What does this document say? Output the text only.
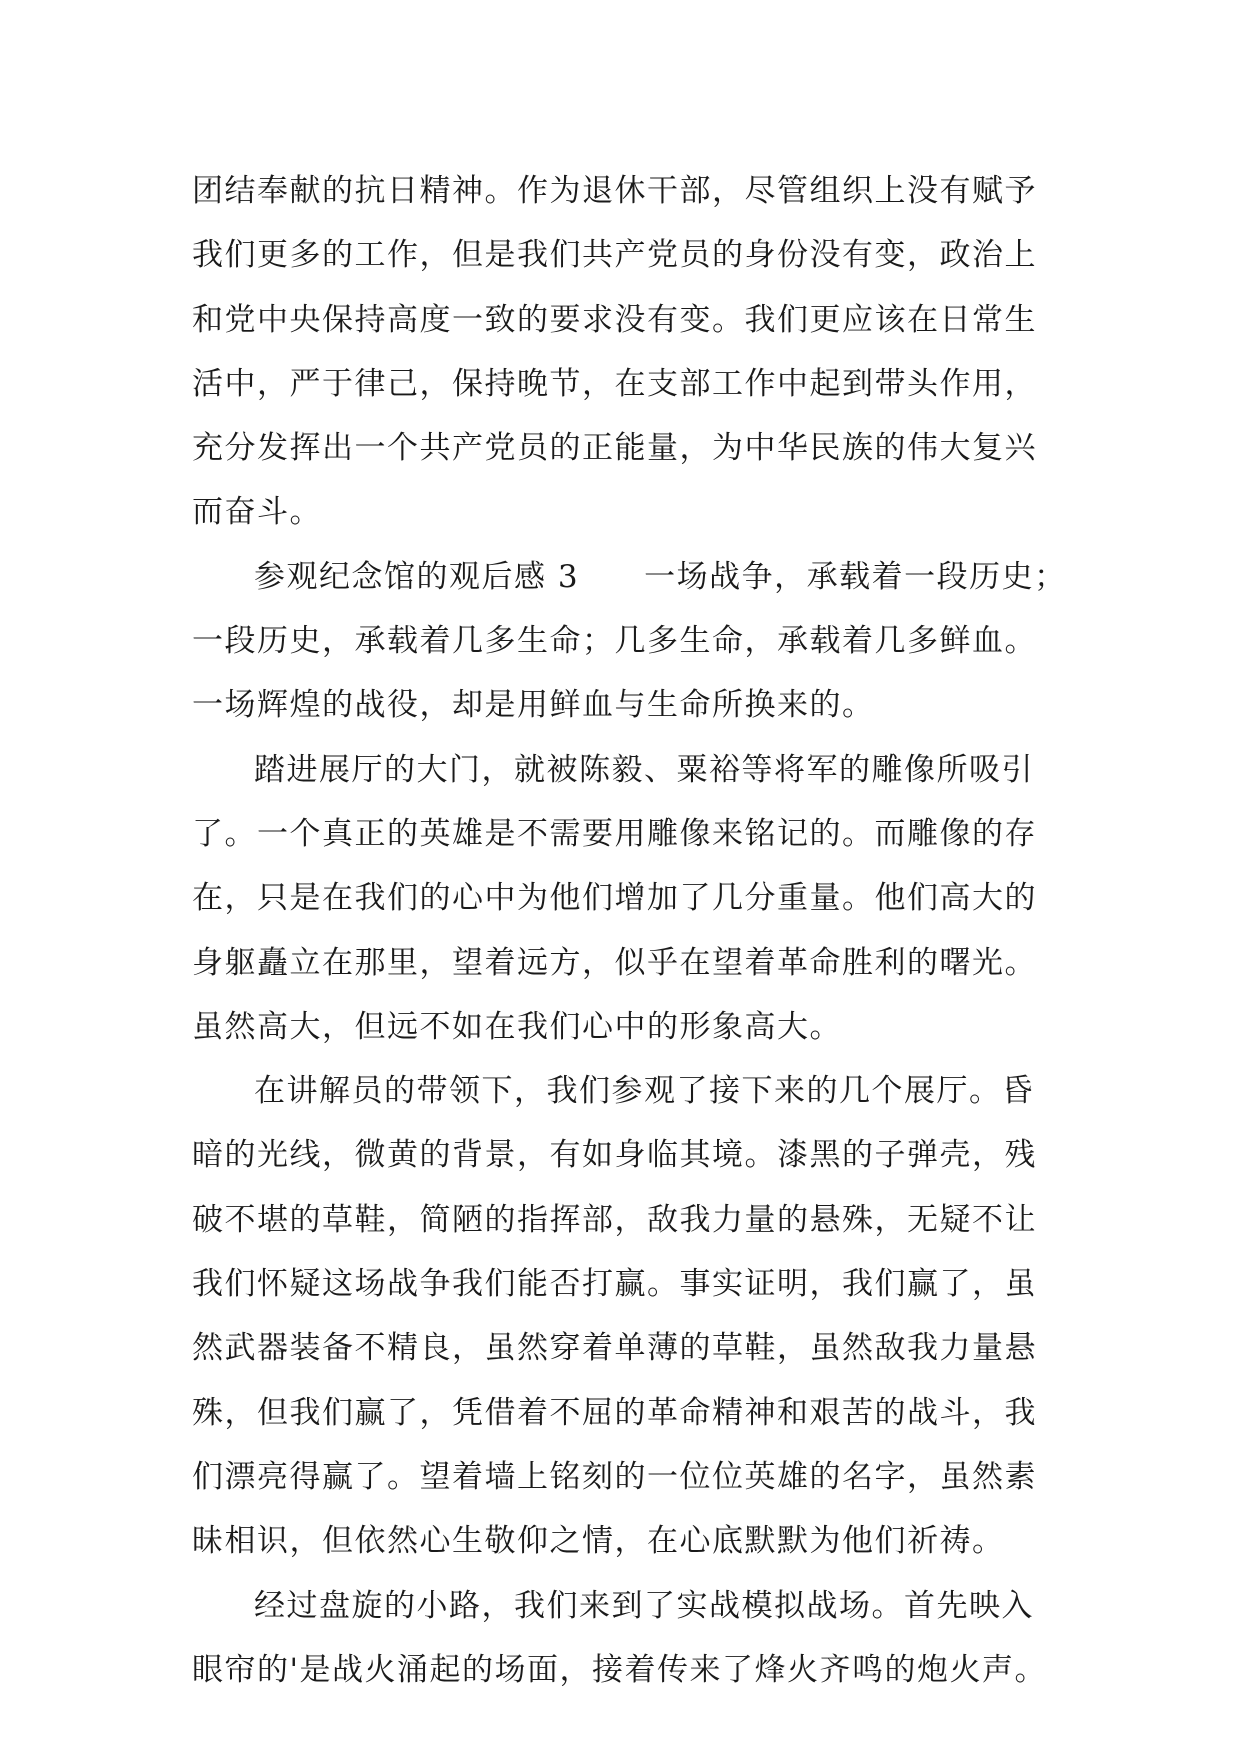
团结奉献的抗日精神。作为退休干部，尽管组织上没有赋予
我们更多的工作，但是我们共产党员的身份没有变，政治上
和党中央保持高度一致的要求没有变。我们更应该在日常生
活中，严于律己，保持晚节，在支部工作中起到带头作用，
充分发挥出一个共产党员的正能量，为中华民族的伟大复兴
而奋斗。
参观纪念馆的观后感 3　　一场战争，承载着一段历史；
一段历史，承载着几多生命；几多生命，承载着几多鲜血。
一场辉煌的战役，却是用鲜血与生命所换来的。
踏进展厅的大门，就被陈毅、粟裕等将军的雕像所吸引
了。一个真正的英雄是不需要用雕像来铭记的。而雕像的存
在，只是在我们的心中为他们增加了几分重量。他们高大的
身躯矗立在那里，望着远方，似乎在望着革命胜利的曙光。
虽然高大，但远不如在我们心中的形象高大。
在讲解员的带领下，我们参观了接下来的几个展厅。昏
暗的光线，微黄的背景，有如身临其境。漆黑的子弹壳，残
破不堪的草鞋，简陋的指挥部，敌我力量的悬殊，无疑不让
我们怀疑这场战争我们能否打赢。事实证明，我们赢了，虽
然武器装备不精良，虽然穿着单薄的草鞋，虽然敌我力量悬
殊，但我们赢了，凭借着不屈的革命精神和艰苦的战斗，我
们漂亮得赢了。望着墙上铭刻的一位位英雄的名字，虽然素
昧相识，但依然心生敬仰之情，在心底默默为他们祈祷。
经过盘旋的小路，我们来到了实战模拟战场。首先映入
眼帘的'是战火涌起的场面，接着传来了烽火齐鸣的炮火声。
